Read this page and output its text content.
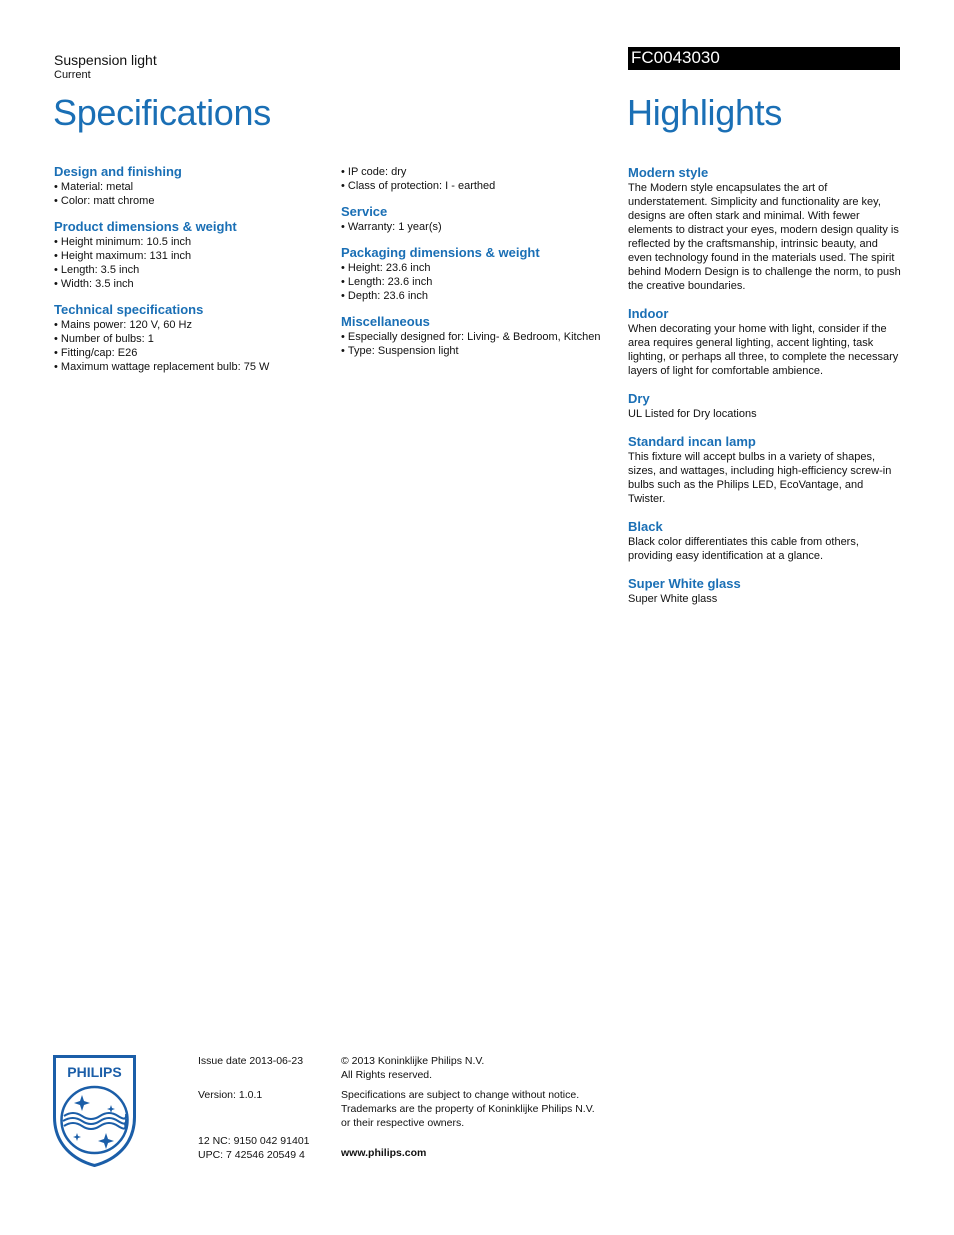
Suspension light
Current
FC0043030
Specifications	Highlights
Design and finishing
• Material: metal
• Color: matt chrome
Product dimensions & weight
• Height minimum: 10.5 inch
• Height maximum: 131 inch
• Length: 3.5 inch
• Width: 3.5 inch
Technical specifications
• Mains power: 120 V, 60 Hz
• Number of bulbs: 1
• Fitting/cap: E26
• Maximum wattage replacement bulb: 75 W
• IP code: dry
• Class of protection: I - earthed
Service
• Warranty: 1 year(s)
Packaging dimensions & weight
• Height: 23.6 inch
• Length: 23.6 inch
• Depth: 23.6 inch
Miscellaneous
• Especially designed for: Living- & Bedroom, Kitchen
• Type: Suspension light
Modern style

The Modern style encapsulates the art of understatement. Simplicity and functionality are key, designs are often stark and minimal. With fewer elements to distract your eyes, modern design quality is reflected by the craftsmanship, intrinsic beauty, and even technology found in the materials used. The spirit behind Modern Design is to challenge the norm, to push the creative boundaries.

Indoor

When decorating your home with light, consider if the area requires general lighting, accent lighting, task lighting, or perhaps all three, to complete the necessary layers of light for comfortable ambience.

Dry

UL Listed for Dry locations

Standard incan lamp

This fixture will accept bulbs in a variety of shapes, sizes, and wattages, including high-efficiency screw-in bulbs such as the Philips LED, EcoVantage, and Twister.

Black

Black color differentiates this cable from others, providing easy identification at a glance.

Super White glass

Super White glass

PHILIPS

Issue date 2013-06-23

Version: 1.0.1

12 NC: 9150 042 91401

UPC: 7 42546 20549 4

© 2013 Koninklijke Philips N.V.

All Rights reserved.

Specifications are subject to change without notice.

Trademarks are the property of Koninklijke Philips N.V.

or their respective owners.

www.philips.com
